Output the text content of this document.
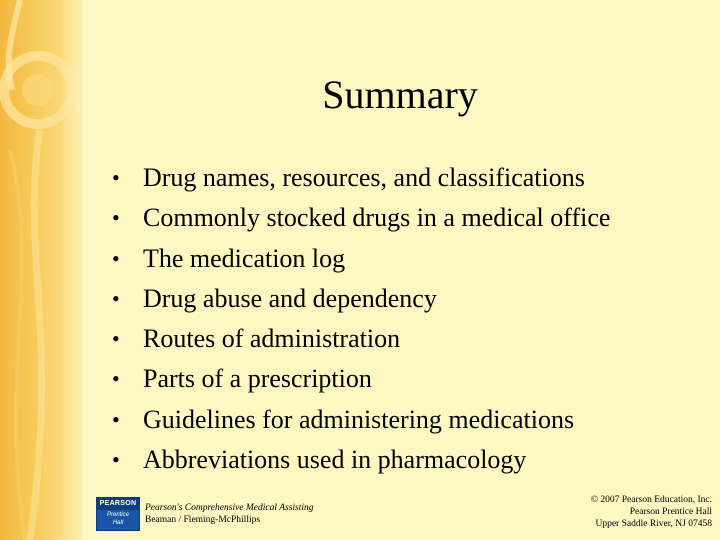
Summary
• Drug names, resources, and classifications
• Commonly stocked drugs in a medical office
• The medication log
• Drug abuse and dependency
• Routes of administration
• Parts of a prescription
• Guidelines for administering medications
• Abbreviations used in pharmacology
PEARSON
Prentice
Hall
Pearson's Comprehensive Medical Assisting
Beaman / Fleming-McPhillips
© 2007 Pearson Education, Inc.
Pearson Prentice Hall
Upper Saddle River, NJ 07458
